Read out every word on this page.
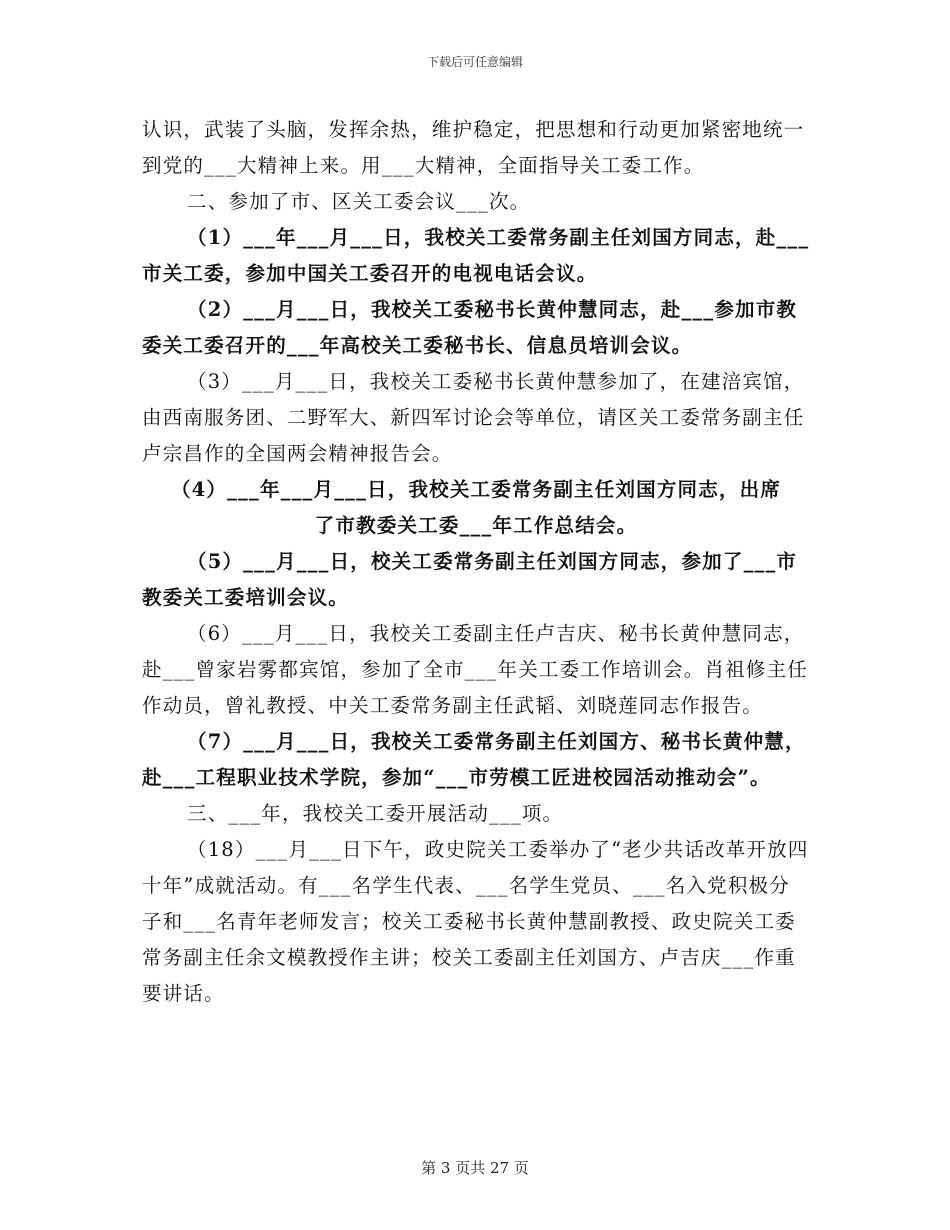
下载后可任意编辑

认识，武装了头脑，发挥余热，维护稳定，把思想和行动更加紧密地统一到党的___大精神上来。用___大精神，全面指导关工委工作。

二、参加了市、区关工委会议___次。

（1）___年___月___日，我校关工委常务副主任刘国方同志，赴___市关工委，参加中国关工委召开的电视电话会议。

（2）___月___日，我校关工委秘书长黄仲慧同志，赴___参加市教委关工委召开的___年高校关工委秘书长、信息员培训会议。

（3）___月___日，我校关工委秘书长黄仲慧参加了，在建涪宾馆，由西南服务团、二野军大、新四军讨论会等单位，请区关工委常务副主任卢宗昌作的全国两会精神报告会。

（4）___年___月___日，我校关工委常务副主任刘国方同志，出席了市教委关工委___年工作总结会。

（5）___月___日，校关工委常务副主任刘国方同志，参加了___市教委关工委培训会议。

（6）___月___日，我校关工委副主任卢吉庆、秘书长黄仲慧同志，赴___曾家岩雾都宾馆，参加了全市___年关工委工作培训会。肖祖修主任作动员，曾礼教授、中关工委常务副主任武韬、刘晓莲同志作报告。

（7）___月___日，我校关工委常务副主任刘国方、秘书长黄仲慧，赴___工程职业技术学院，参加“___市劳模工匠进校园活动推动会”。

三、___年，我校关工委开展活动___项。

（18）___月___日下午，政史院关工委举办了“老少共话改革开放四十年”成就活动。有___名学生代表、___名学生党员、___名入党积极分子和___名青年老师发言；校关工委秘书长黄仲慧副教授、政史院关工委常务副主任余文模教授作主讲；校关工委副主任刘国方、卢吉庆___作重要讲话。

第 3 页共 27 页
